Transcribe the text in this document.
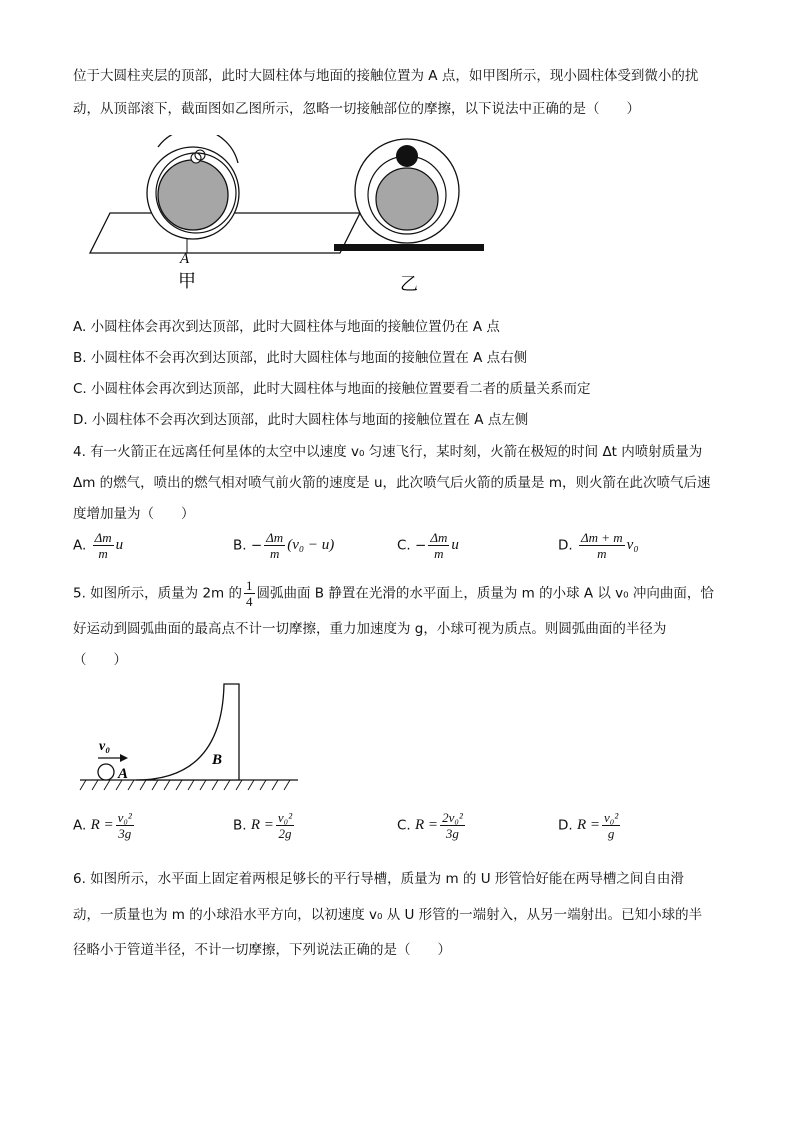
位于大圆柱夹层的顶部，此时大圆柱体与地面的接触位置为 A 点，如甲图所示，现小圆柱体受到微小的扰
动，从顶部滚下，截面图如乙图所示，忽略一切接触部位的摩擦，以下说法中正确的是（　　）
A
甲	乙
A. 小圆柱体会再次到达顶部，此时大圆柱体与地面的接触位置仍在 A 点
B. 小圆柱体不会再次到达顶部，此时大圆柱体与地面的接触位置在 A 点右侧
C. 小圆柱体会再次到达顶部，此时大圆柱体与地面的接触位置要看二者的质量关系而定
D. 小圆柱体不会再次到达顶部，此时大圆柱体与地面的接触位置在 A 点左侧
4. 有一火箭正在远离任何星体的太空中以速度 v₀ 匀速飞行，某时刻，火箭在极短的时间 Δt 内喷射质量为
Δm 的燃气，喷出的燃气相对喷气前火箭的速度是 u，此次喷气后火箭的质量是 m，则火箭在此次喷气后速
度增加量为（　　）
A. $\frac{\Delta m}{m}$ u	B. − $\frac{\Delta m}{m} (v_0 - u)$	C. − $\frac{\Delta m}{m}$ u	D. $\frac{\Delta m + m}{m} v_0$
5. 如图所示，质量为 2m 的 $\frac{1}{4}$ 圆弧曲面 B 静置在光滑的水平面上，质量为 m 的小球 A 以 v₀ 冲向曲面，恰
好运动到圆弧曲面的最高点不计一切摩擦，重力加速度为 g，小球可视为质点。则圆弧曲面的半径为
（　　）
v₀
A
B
A. $R = \frac{\text{v₀²}}{3g}$	B. $R = \frac{\text{v₀²}}{2g}$	C. $R = \frac{\text{2v₀²}}{3g}$	D. $R = \frac{\text{v₀²}}{g}$
6. 如图所示，水平面上固定着两根足够长的平行导槽，质量为 m 的 U 形管恰好能在两导槽之间自由滑
动，一质量也为 m 的小球沿水平方向，以初速度 v₀ 从 U 形管的一端射入，从另一端射出。已知小球的半
径略小于管道半径，不计一切摩擦，下列说法正确的是（　　）
